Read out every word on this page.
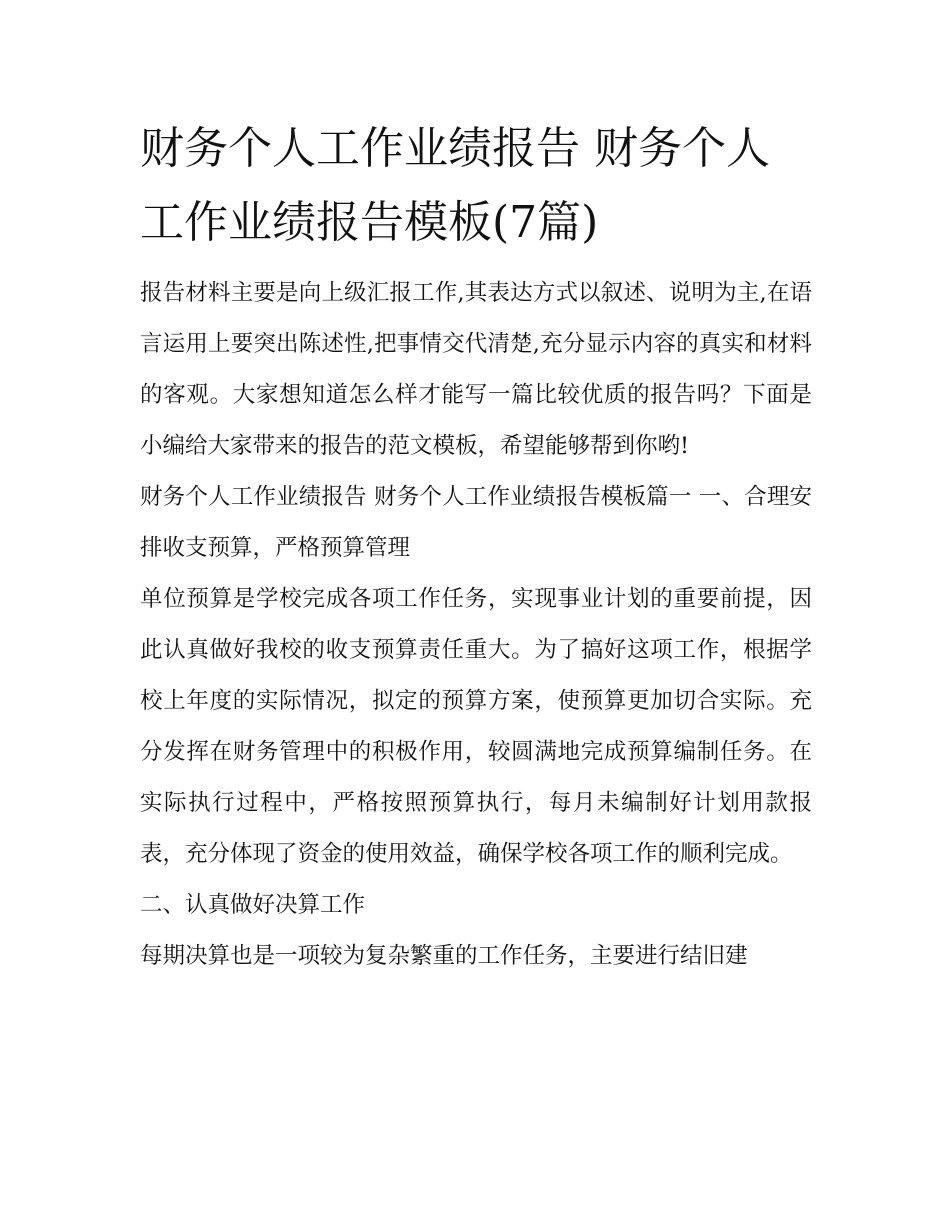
财务个人工作业绩报告 财务个人工作业绩报告模板(7篇)

报告材料主要是向上级汇报工作,其表达方式以叙述、说明为主,在语言运用上要突出陈述性,把事情交代清楚,充分显示内容的真实和材料的客观。大家想知道怎么样才能写一篇比较优质的报告吗？下面是小编给大家带来的报告的范文模板，希望能够帮到你哟!

财务个人工作业绩报告 财务个人工作业绩报告模板篇一 一、合理安排收支预算，严格预算管理

单位预算是学校完成各项工作任务，实现事业计划的重要前提，因此认真做好我校的收支预算责任重大。为了搞好这项工作，根据学校上年度的实际情况，拟定的预算方案，使预算更加切合实际。充分发挥在财务管理中的积极作用，较圆满地完成预算编制任务。在实际执行过程中，严格按照预算执行，每月未编制好计划用款报表，充分体现了资金的使用效益，确保学校各项工作的顺利完成。

二、认真做好决算工作

每期决算也是一项较为复杂繁重的工作任务，主要进行结旧建
